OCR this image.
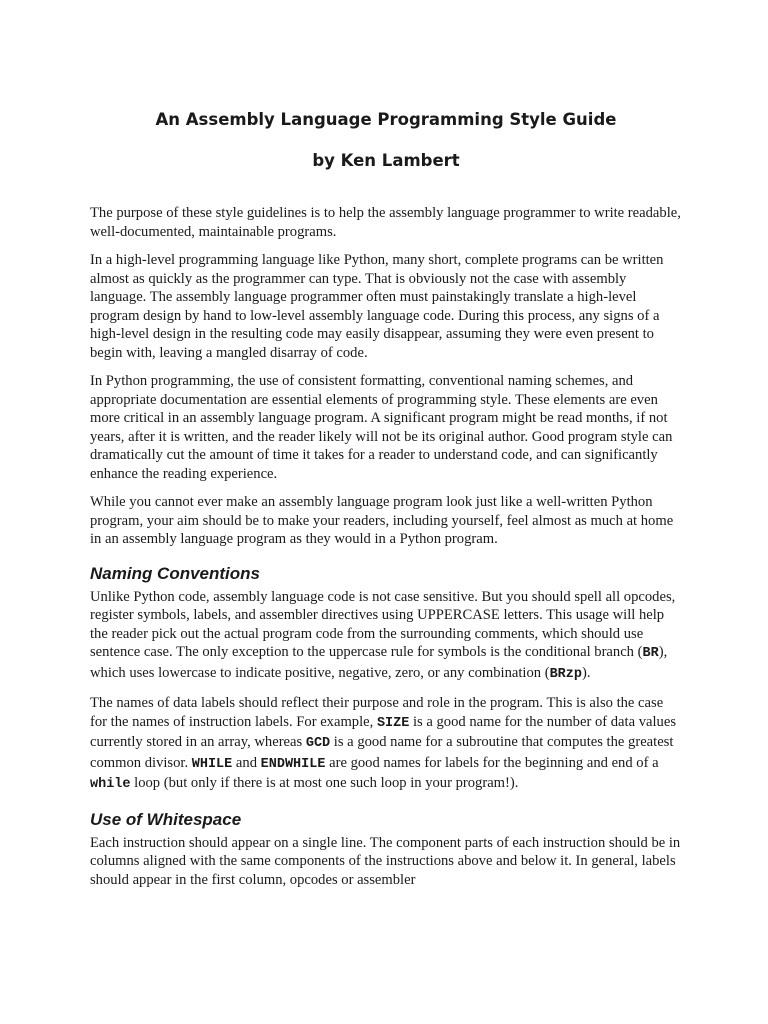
An Assembly Language Programming Style Guide
by Ken Lambert

The purpose of these style guidelines is to help the assembly language programmer to write readable, well-documented, maintainable programs.

In a high-level programming language like Python, many short, complete programs can be written almost as quickly as the programmer can type. That is obviously not the case with assembly language. The assembly language programmer often must painstakingly translate a high-level program design by hand to low-level assembly language code. During this process, any signs of a high-level design in the resulting code may easily disappear, assuming they were even present to begin with, leaving a mangled disarray of code.

In Python programming, the use of consistent formatting, conventional naming schemes, and appropriate documentation are essential elements of programming style. These elements are even more critical in an assembly language program. A significant program might be read months, if not years, after it is written, and the reader likely will not be its original author. Good program style can dramatically cut the amount of time it takes for a reader to understand code, and can significantly enhance the reading experience.

While you cannot ever make an assembly language program look just like a well-written Python program, your aim should be to make your readers, including yourself, feel almost as much at home in an assembly language program as they would in a Python program.

Naming Conventions

Unlike Python code, assembly language code is not case sensitive. But you should spell all opcodes, register symbols, labels, and assembler directives using UPPERCASE letters. This usage will help the reader pick out the actual program code from the surrounding comments, which should use sentence case. The only exception to the uppercase rule for symbols is the conditional branch (BR), which uses lowercase to indicate positive, negative, zero, or any combination (BRzp).

The names of data labels should reflect their purpose and role in the program. This is also the case for the names of instruction labels. For example, SIZE is a good name for the number of data values currently stored in an array, whereas GCD is a good name for a subroutine that computes the greatest common divisor. WHILE and ENDWHILE are good names for labels for the beginning and end of a while loop (but only if there is at most one such loop in your program!).

Use of Whitespace

Each instruction should appear on a single line. The component parts of each instruction should be in columns aligned with the same components of the instructions above and below it. In general, labels should appear in the first column, opcodes or assembler
